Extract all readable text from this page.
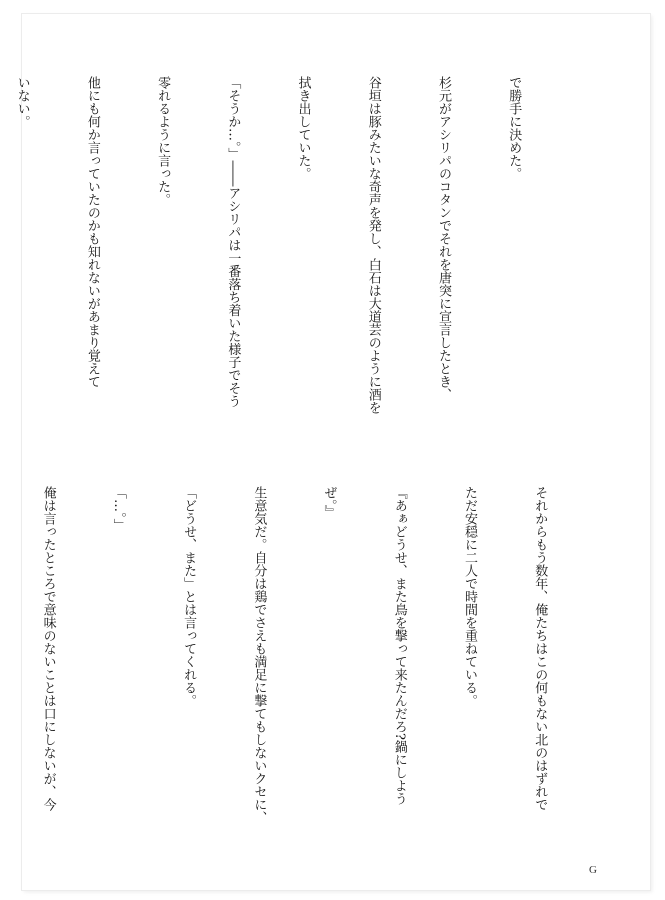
で勝手に決めた。

杉元がアシリパのコタンでそれを唐突に宣言したとき、

谷垣は豚みたいな奇声を発し、白石は大道芸のように酒を

拭き出していた。

「そうか…。」――アシリパは一番落ち着いた様子でそう

零れるように言った。

他にも何か言っていたのかも知れないがあまり覚えて

いない。

それからもう数年、俺たちはこの何もない北のはずれで

ただ安穏に二人で時間を重ねている。

『あぁどうせ、また鳥を撃って来たんだろ?鍋にしよう

ぜ。』

生意気だ。自分は鶏でさえも満足に撃てもしないクセに、

「どうせ、また」とは言ってくれる。

「…。」

俺は言ったところで意味のないことは口にしないが、今

G
